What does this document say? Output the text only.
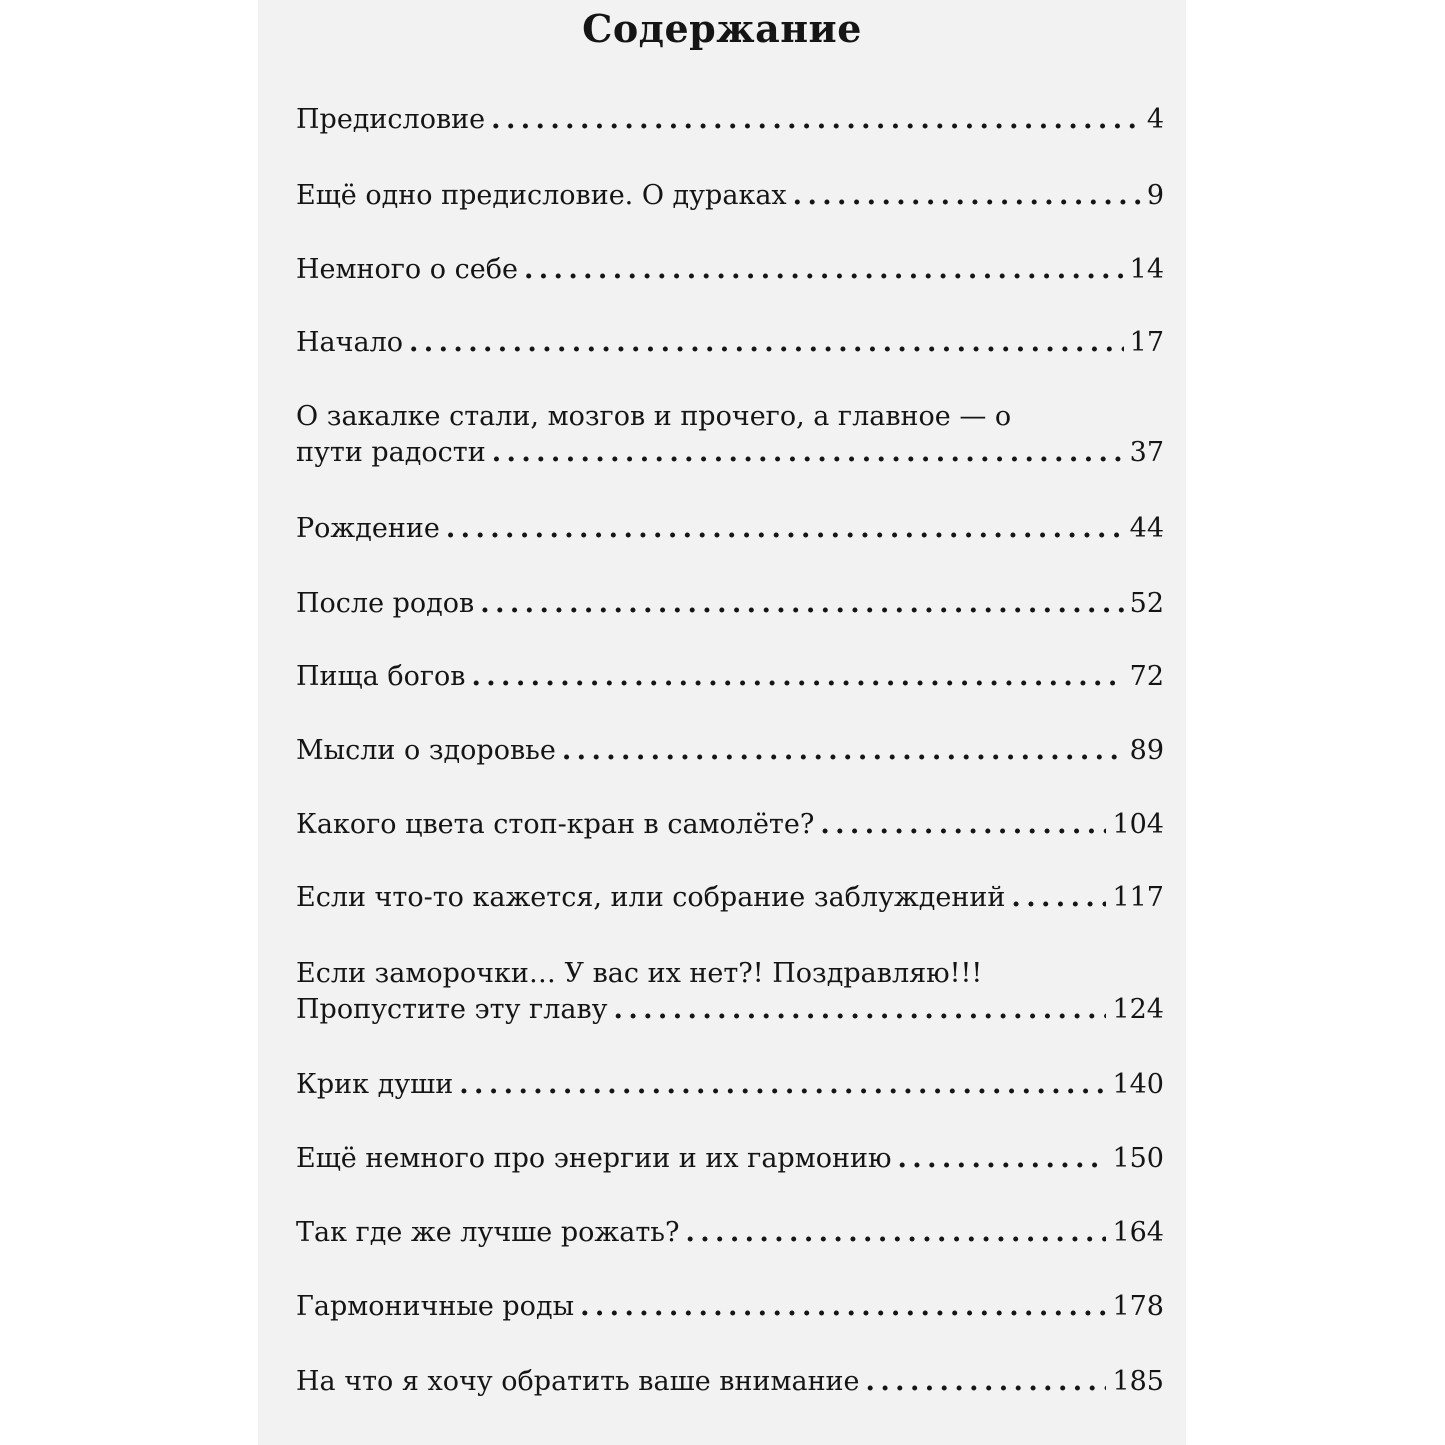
Содержание
Предисловие . . .	4
Ещё одно предисловие. О дураках . . .	9
Немного о себе . . .	14
Начало . . .	17
О закалке стали, мозгов и прочего, а главное — о
пути радости . . .	37
Рождение . . .	44
После родов . . .	52
Пища богов . . .	72
Мысли о здоровье . . .	89
Какого цвета стоп-кран в самолёте? . . .	104
Если что-то кажется, или собрание заблуждений . . .	117
Если заморочки… У вас их нет?! Поздравляю!!!
Пропустите эту главу . . .	124
Крик души . . .	140
Ещё немного про энергии и их гармонию . . .	150
Так где же лучше рожать? . . .	164
Гармоничные роды . . .	178
На что я хочу обратить ваше внимание . . .	185
